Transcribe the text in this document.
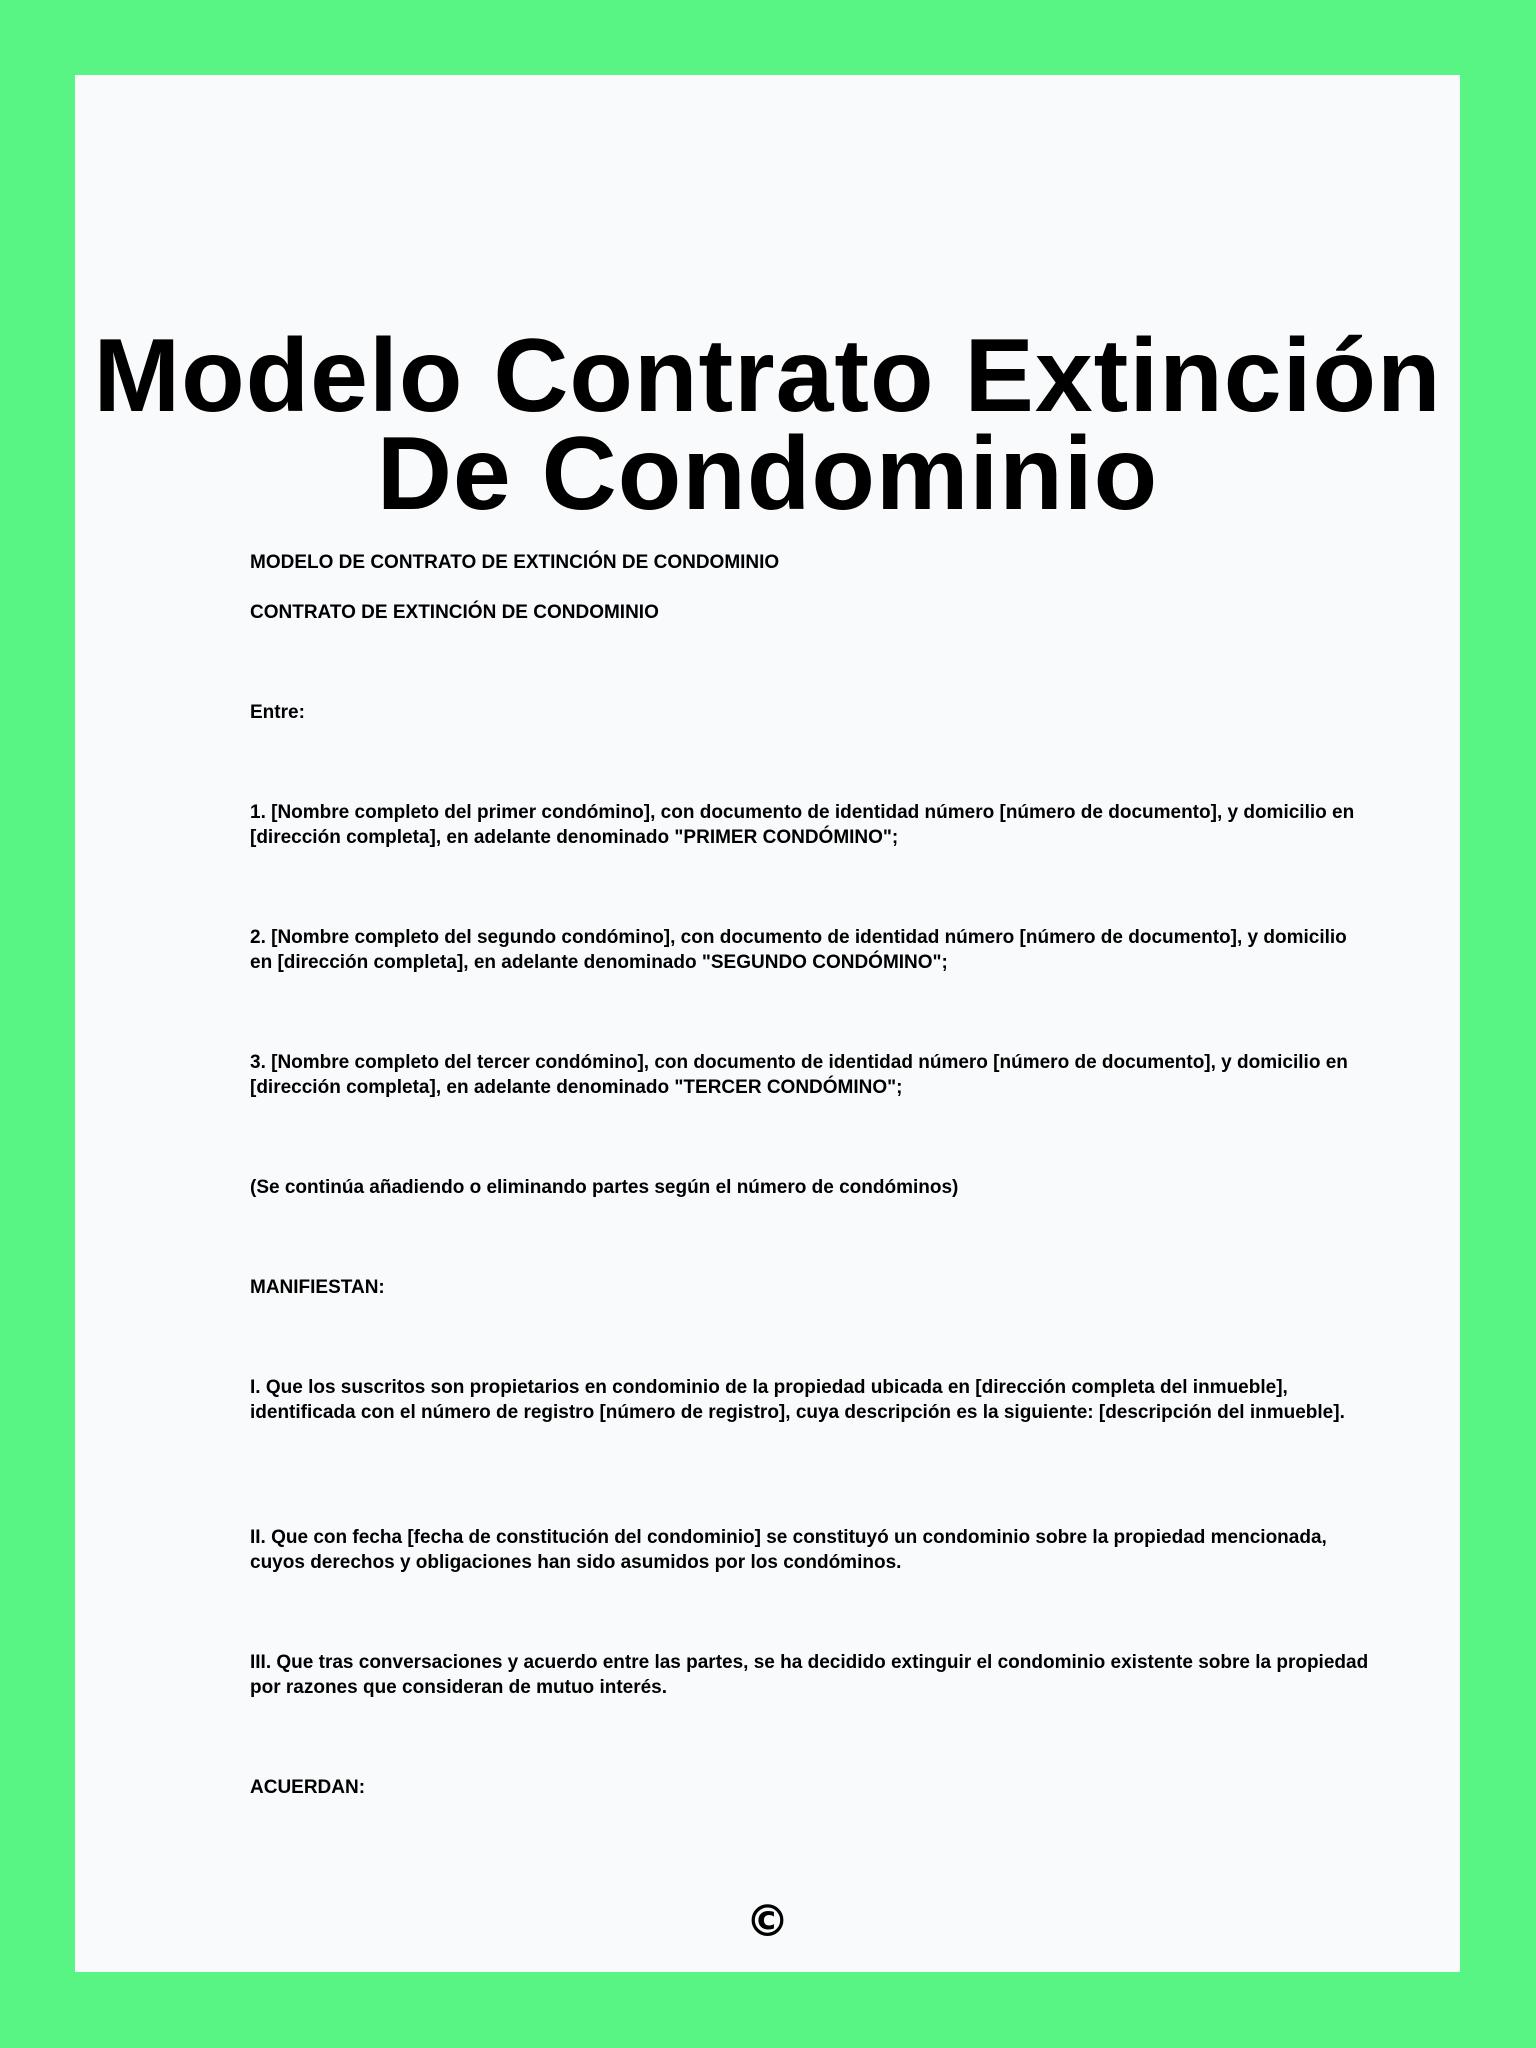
Modelo Contrato Extinción
De Condominio

MODELO DE CONTRATO DE EXTINCIÓN DE CONDOMINIO

CONTRATO DE EXTINCIÓN DE CONDOMINIO

Entre:

1. [Nombre completo del primer condómino], con documento de identidad número [número de documento], y domicilio en [dirección completa], en adelante denominado "PRIMER CONDÓMINO";

2. [Nombre completo del segundo condómino], con documento de identidad número [número de documento], y domicilio en [dirección completa], en adelante denominado "SEGUNDO CONDÓMINO";

3. [Nombre completo del tercer condómino], con documento de identidad número [número de documento], y domicilio en [dirección completa], en adelante denominado "TERCER CONDÓMINO";

(Se continúa añadiendo o eliminando partes según el número de condóminos)

MANIFIESTAN:

I. Que los suscritos son propietarios en condominio de la propiedad ubicada en [dirección completa del inmueble], identificada con el número de registro [número de registro], cuya descripción es la siguiente: [descripción del inmueble].

II. Que con fecha [fecha de constitución del condominio] se constituyó un condominio sobre la propiedad mencionada, cuyos derechos y obligaciones han sido asumidos por los condóminos.

III. Que tras conversaciones y acuerdo entre las partes, se ha decidido extinguir el condominio existente sobre la propiedad por razones que consideran de mutuo interés.

ACUERDAN:

©
